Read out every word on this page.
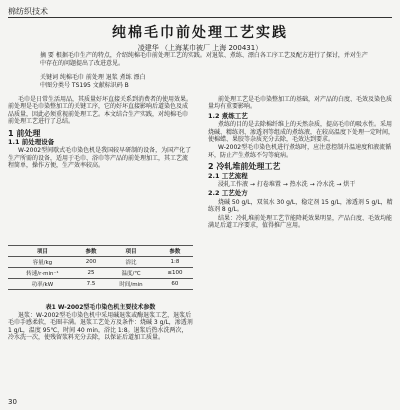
棉纺织技术
纯棉毛巾前处理工艺实践
凌建华 （上海某巾被厂 上海 200431）

摘 要 根据毛巾生产的特点，介绍纯棉毛巾前处理工艺的实践。对退浆、煮练、漂白各工序工艺及配方进行了探讨，并对生产中存在的问题提出了改进意见。

关键词 纯棉毛巾 前处理 退浆 煮练 漂白

中图分类号 TS195 文献标识码 B

毛巾是日常生活用品，其质量好坏直接关系到消费者的使用效果。前处理是毛巾染整加工的关键工序，它的好坏直接影响后道染色及成品质量，因此必须重视前处理工艺。本文结合生产实践，对纯棉毛巾前处理工艺进行了总结。

1 前处理
1.1 前处理设备

W-2002型间歇式毛巾染色机是我国较早研制的设备，为国产化了生产所需的设备，适用于毛巾、浴巾等产品的前处理加工，其工艺流程简单，操作方便，生产效率较高。

项目	参数	项目	参数
容量/kg	200	浴比	1:8
转速/r·min⁻¹	25	温度/℃	≤100
功率/kW	7.5	时间/min	60
表1 W-2002型毛巾染色机主要技术参数

退浆：W-2002型毛巾染色机中采用碱退浆或酶退浆工艺，退浆后毛巾手感柔软，毛圈丰满。退浆工艺处方及条件：烧碱 3 g/L，渗透剂 1 g/L，温度 95℃，时间 40 min，浴比 1:8。退浆后热水洗两次，冷水洗一次，使残留浆料充分去除，以保证后道加工质量。

前处理工艺是毛巾染整加工的基础，对产品的白度、毛效及染色质量均有重要影响。

1.2 煮练工艺

煮练的目的是去除棉纤维上的天然杂质，提高毛巾的吸水性。采用烧碱、精练剂、渗透剂等组成的煮练液，在较高温度下处理一定时间，使棉蜡、果胶等杂质充分去除，毛效达到要求。

W-2002型毛巾染色机进行煮练时，应注意控制升温速度和液流循环，防止产生煮练不匀等疵病。

2 冷轧堆前处理工艺
2.1 工艺流程

浸轧工作液 → 打卷堆置 → 热水洗 → 冷水洗 → 烘干

2.2 工艺处方

烧碱 50 g/L，双氧水 30 g/L，稳定剂 15 g/L，渗透剂 5 g/L，精练剂 8 g/L。

结果：冷轧堆前处理工艺节能降耗效果明显，产品白度、毛效均能满足后道工序要求，值得推广应用。

30
